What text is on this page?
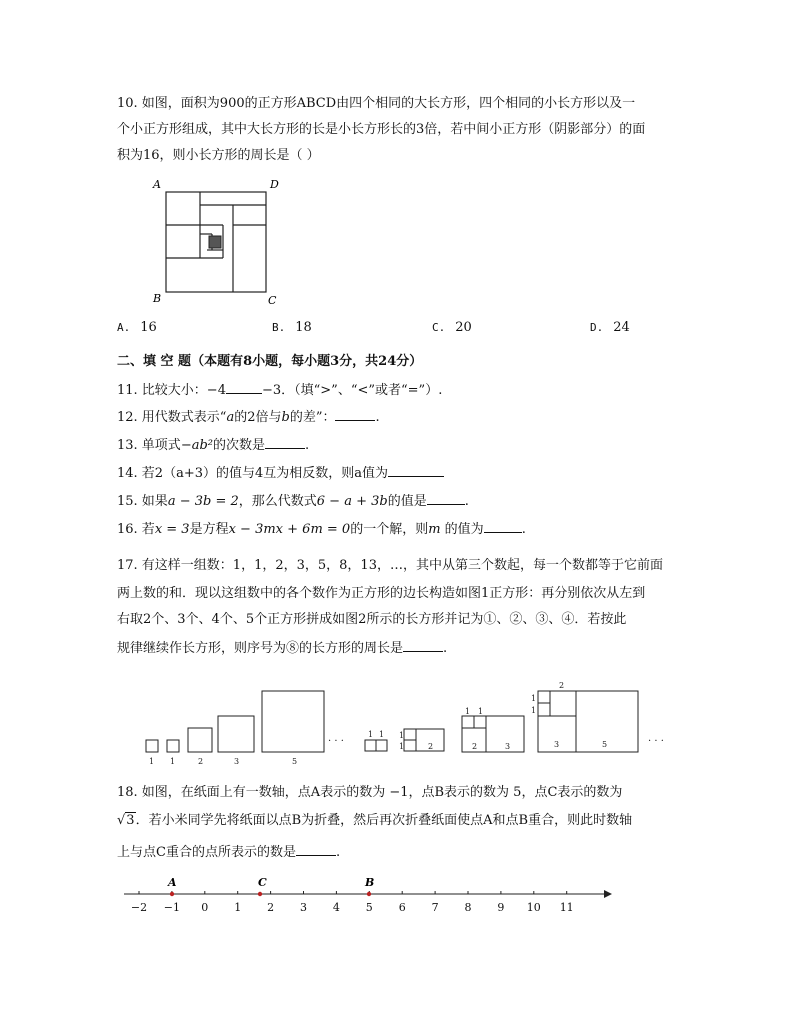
10. 如图，面积为900的正方形ABCD由四个相同的大长方形，四个相同的小长方形以及一
个小正方形组成，其中大长方形的长是小长方形长的3倍，若中间小正方形（阴影部分）的面
积为16，则小长方形的周长是（ ）
A	D
B	C
A. 16	B. 18	C. 20	D. 24
二、填 空 题（本题有8小题，每小题3分，共24分）
11. 比较大小：−4	−3．（填“>”、“<”或者“=”）.
12. 用代数式表示“a的2倍与b的差”：	.
13. 单项式−ab²的次数是	.
14. 若2（a+3）的值与4互为相反数，则a值为
15. 如果a − 3b = 2，那么代数式6 − a + 3b的值是	.
16. 若x = 3是方程x − 3mx + 6m = 0的一个解，则m 的值为	.
17. 有这样一组数：1，1，2，3，5，8，13，…，其中从第三个数起，每一个数都等于它前面
两上数的和．现以这组数中的各个数作为正方形的边长构造如图1正方形：再分别依次从左到
右取2个、3个、4个、5个正方形拼成如图2所示的长方形并记为①、②、③、④．若按此
规律继续作长方形，则序号为⑧的长方形的周长是	.
1 1	2	3	5
· · ·
1 1 1
1	2
1 1
2	3
2
1
1
3	5	· · ·
18. 如图，在纸面上有一数轴，点A表示的数为 −1，点B表示的数为 5，点C表示的数为
√3．若小米同学先将纸面以点B为折叠，然后再次折叠纸面使点A和点B重合，则此时数轴
上与点C重合的点所表示的数是	.
−2 −1 0 1 2 3 4 5 6 7 8 9 10 11
A	C	B
